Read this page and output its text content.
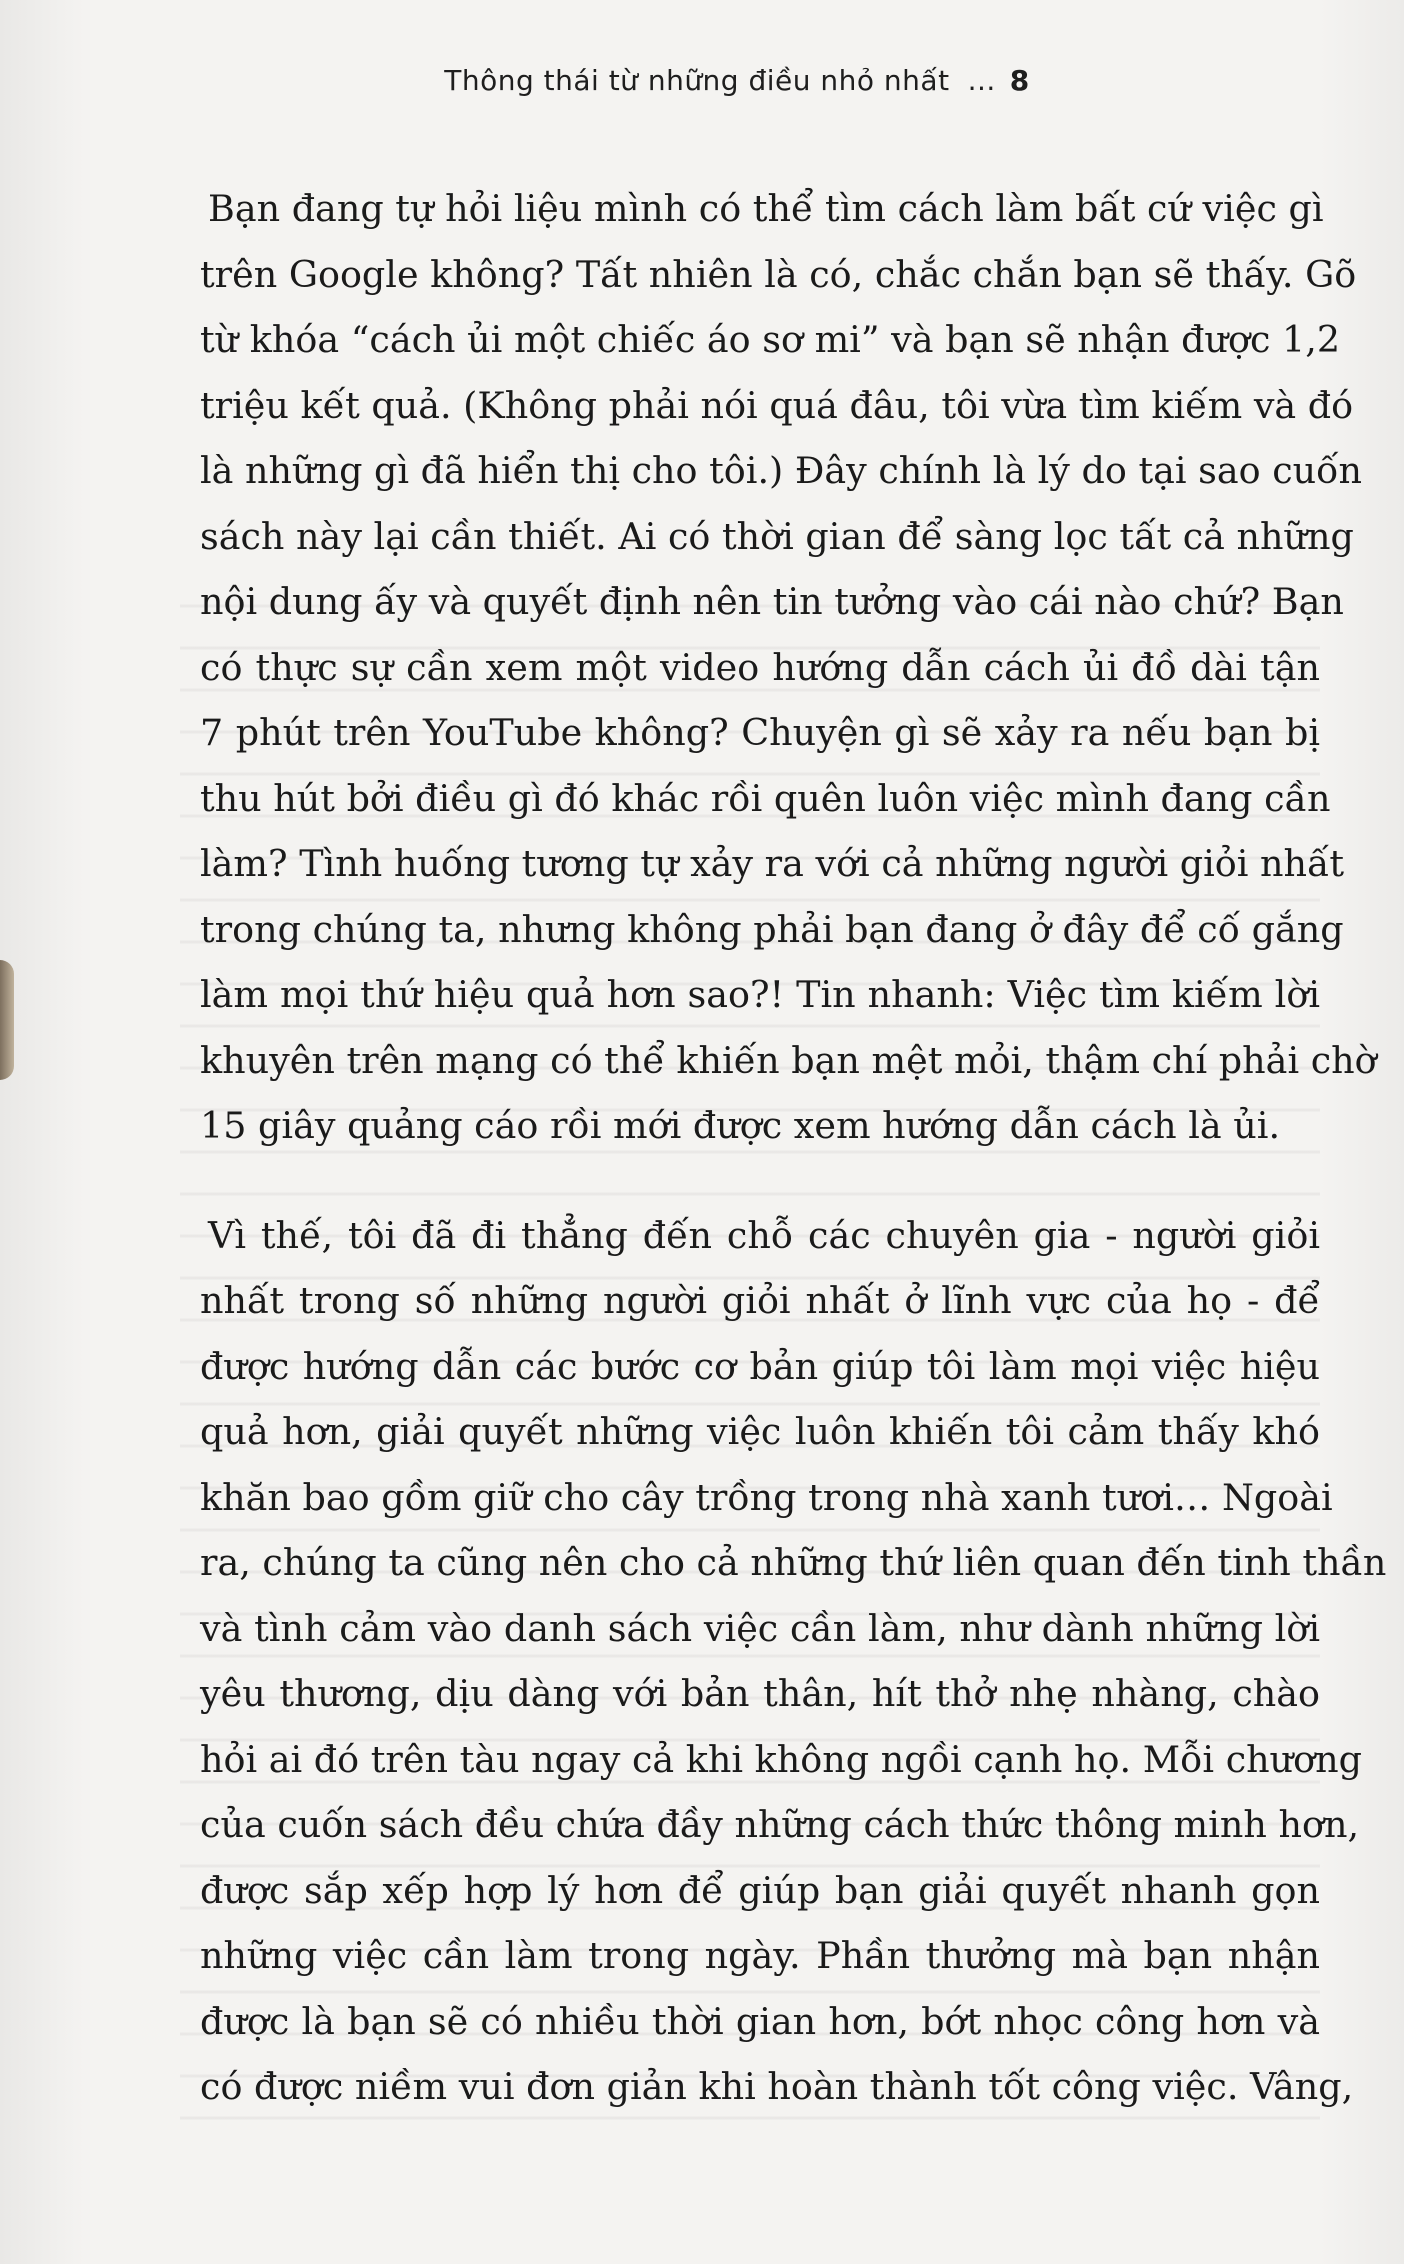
Thông thái từ những điều nhỏ nhất ... 8
Bạn đang tự hỏi liệu mình có thể tìm cách làm bất cứ việc gì
trên Google không? Tất nhiên là có, chắc chắn bạn sẽ thấy. Gõ
từ khóa “cách ủi một chiếc áo sơ mi” và bạn sẽ nhận được 1,2
triệu kết quả. (Không phải nói quá đâu, tôi vừa tìm kiếm và đó
là những gì đã hiển thị cho tôi.) Đây chính là lý do tại sao cuốn
sách này lại cần thiết. Ai có thời gian để sàng lọc tất cả những
nội dung ấy và quyết định nên tin tưởng vào cái nào chứ? Bạn
có thực sự cần xem một video hướng dẫn cách ủi đồ dài tận
7 phút trên YouTube không? Chuyện gì sẽ xảy ra nếu bạn bị
thu hút bởi điều gì đó khác rồi quên luôn việc mình đang cần
làm? Tình huống tương tự xảy ra với cả những người giỏi nhất
trong chúng ta, nhưng không phải bạn đang ở đây để cố gắng
làm mọi thứ hiệu quả hơn sao?! Tin nhanh: Việc tìm kiếm lời
khuyên trên mạng có thể khiến bạn mệt mỏi, thậm chí phải chờ
15 giây quảng cáo rồi mới được xem hướng dẫn cách là ủi.
Vì thế, tôi đã đi thẳng đến chỗ các chuyên gia - người giỏi
nhất trong số những người giỏi nhất ở lĩnh vực của họ - để
được hướng dẫn các bước cơ bản giúp tôi làm mọi việc hiệu
quả hơn, giải quyết những việc luôn khiến tôi cảm thấy khó
khăn bao gồm giữ cho cây trồng trong nhà xanh tươi… Ngoài
ra, chúng ta cũng nên cho cả những thứ liên quan đến tinh thần
và tình cảm vào danh sách việc cần làm, như dành những lời
yêu thương, dịu dàng với bản thân, hít thở nhẹ nhàng, chào
hỏi ai đó trên tàu ngay cả khi không ngồi cạnh họ. Mỗi chương
của cuốn sách đều chứa đầy những cách thức thông minh hơn,
được sắp xếp hợp lý hơn để giúp bạn giải quyết nhanh gọn
những việc cần làm trong ngày. Phần thưởng mà bạn nhận
được là bạn sẽ có nhiều thời gian hơn, bớt nhọc công hơn và
có được niềm vui đơn giản khi hoàn thành tốt công việc. Vâng,
